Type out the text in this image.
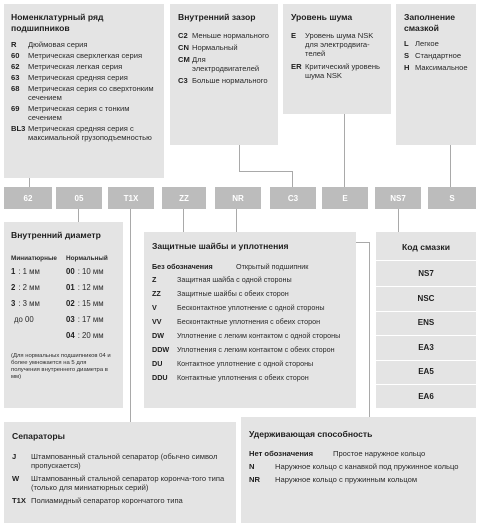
Номенклатурный ряд подшипников
R	Дюймовая серия
60	Метрическая сверхлегкая серия
62	Метрическая легкая серия
63	Метрическая средняя серия
68	Метрическая серия со сверхтонким сечением
69	Метрическая серия с тонким сечением
BL3 Метрическая средняя серия с максимальной грузоподъемностью
Внутренний зазор
C2 Меньше нормального
CN Нормальный
CM Для электродвигателей
C3 Больше нормального
Уровень шума
E	Уровень шума NSK для электродвига-телей
ER Критический уровень шума NSK
Заполнение смазкой
L Легкое
S Стандартное
H Максимальное
62	05	T1X	ZZ	NR	C3	E	NS7	S
Внутренний диаметр
Миниатюрные
1 : 1 мм
2 : 2 мм
3 : 3 мм
до 00
Нормальный
00 : 10 мм
01 : 12 мм
02 : 15 мм
03 : 17 мм
04 : 20 мм
(Для нормальных подшипников 04 и более умножается на 5 для получения внутреннего диаметра в мм)
Защитные шайбы и уплотнения
Без обозначения	Открытый подшипник
Z	Защитная шайба с одной стороны
ZZ	Защитные шайбы с обеих сторон
V	Бесконтактное уплотнение с одной стороны
VV	Бесконтактные уплотнения с обеих сторон
DW	Уплотнение с легким контактом с одной стороны
DDW	Уплотнения с легким контактом с обеих сторон
DU	Контактное уплотнение с одной стороны
DDU	Контактные уплотнения с обеих сторон
Код смазки
NS7
NSC
ENS
EA3
EA5
EA6
Сепараторы
J	Штампованный стальной сепаратор (обычно символ пропускается)
W	Штампованный стальной сепаратор коронча-того типа (только для миниатюрных серий)
T1X Полиамидный сепаратор корончатого типа
Удерживающая способность
Нет обозначения	Простое наружное кольцо
N	Наружное кольцо с канавкой под пружинное кольцо
NR	Наружное кольцо с пружинным кольцом
